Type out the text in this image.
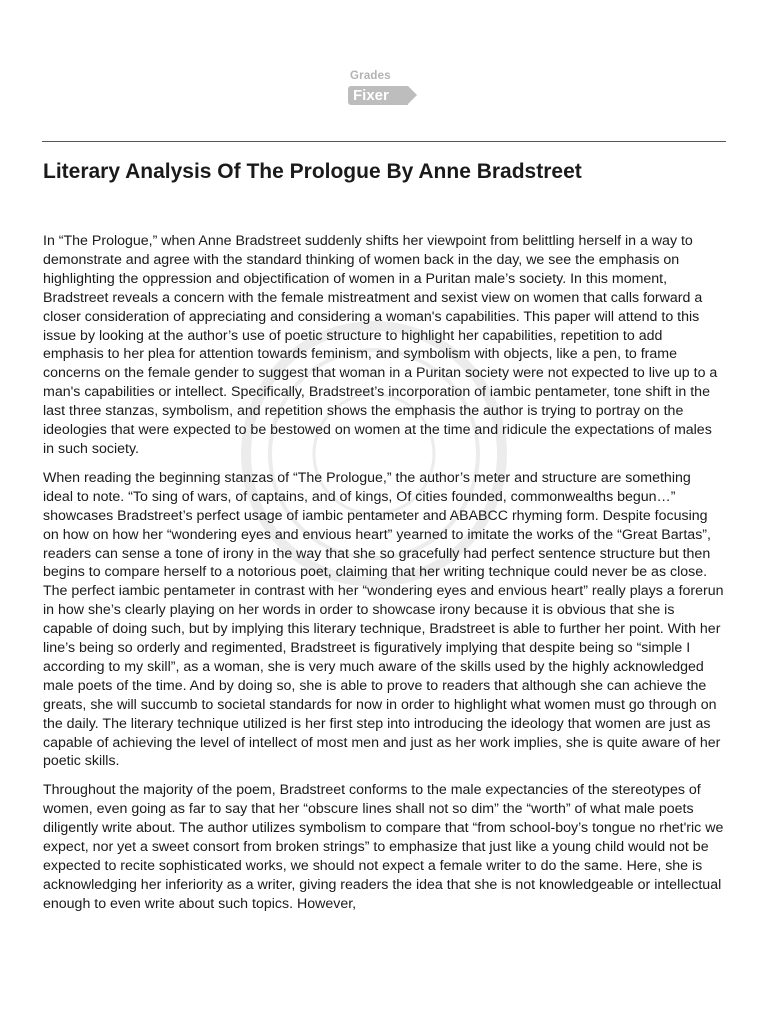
Grades
Fixer
Literary Analysis Of The Prologue By Anne Bradstreet

In “The Prologue,” when Anne Bradstreet suddenly shifts her viewpoint from belittling herself in a way to demonstrate and agree with the standard thinking of women back in the day, we see the emphasis on highlighting the oppression and objectification of women in a Puritan male’s society. In this moment, Bradstreet reveals a concern with the female mistreatment and sexist view on women that calls forward a closer consideration of appreciating and considering a woman's capabilities. This paper will attend to this issue by looking at the author’s use of poetic structure to highlight her capabilities, repetition to add emphasis to her plea for attention towards feminism, and symbolism with objects, like a pen, to frame concerns on the female gender to suggest that woman in a Puritan society were not expected to live up to a man's capabilities or intellect. Specifically, Bradstreet’s incorporation of iambic pentameter, tone shift in the last three stanzas, symbolism, and repetition shows the emphasis the author is trying to portray on the ideologies that were expected to be bestowed on women at the time and ridicule the expectations of males in such society.

When reading the beginning stanzas of “The Prologue,” the author’s meter and structure are something ideal to note. “To sing of wars, of captains, and of kings, Of cities founded, commonwealths begun…” showcases Bradstreet’s perfect usage of iambic pentameter and ABABCC rhyming form. Despite focusing on how on how her “wondering eyes and envious heart” yearned to imitate the works of the “Great Bartas”, readers can sense a tone of irony in the way that she so gracefully had perfect sentence structure but then begins to compare herself to a notorious poet, claiming that her writing technique could never be as close. The perfect iambic pentameter in contrast with her “wondering eyes and envious heart” really plays a forerun in how she’s clearly playing on her words in order to showcase irony because it is obvious that she is capable of doing such, but by implying this literary technique, Bradstreet is able to further her point. With her line’s being so orderly and regimented, Bradstreet is figuratively implying that despite being so “simple I according to my skill”, as a woman, she is very much aware of the skills used by the highly acknowledged male poets of the time. And by doing so, she is able to prove to readers that although she can achieve the greats, she will succumb to societal standards for now in order to highlight what women must go through on the daily. The literary technique utilized is her first step into introducing the ideology that women are just as capable of achieving the level of intellect of most men and just as her work implies, she is quite aware of her poetic skills.

Throughout the majority of the poem, Bradstreet conforms to the male expectancies of the stereotypes of women, even going as far to say that her “obscure lines shall not so dim” the “worth” of what male poets diligently write about. The author utilizes symbolism to compare that “from school-boy’s tongue no rhet'ric we expect, nor yet a sweet consort from broken strings” to emphasize that just like a young child would not be expected to recite sophisticated works, we should not expect a female writer to do the same. Here, she is acknowledging her inferiority as a writer, giving readers the idea that she is not knowledgeable or intellectual enough to even write about such topics. However,
